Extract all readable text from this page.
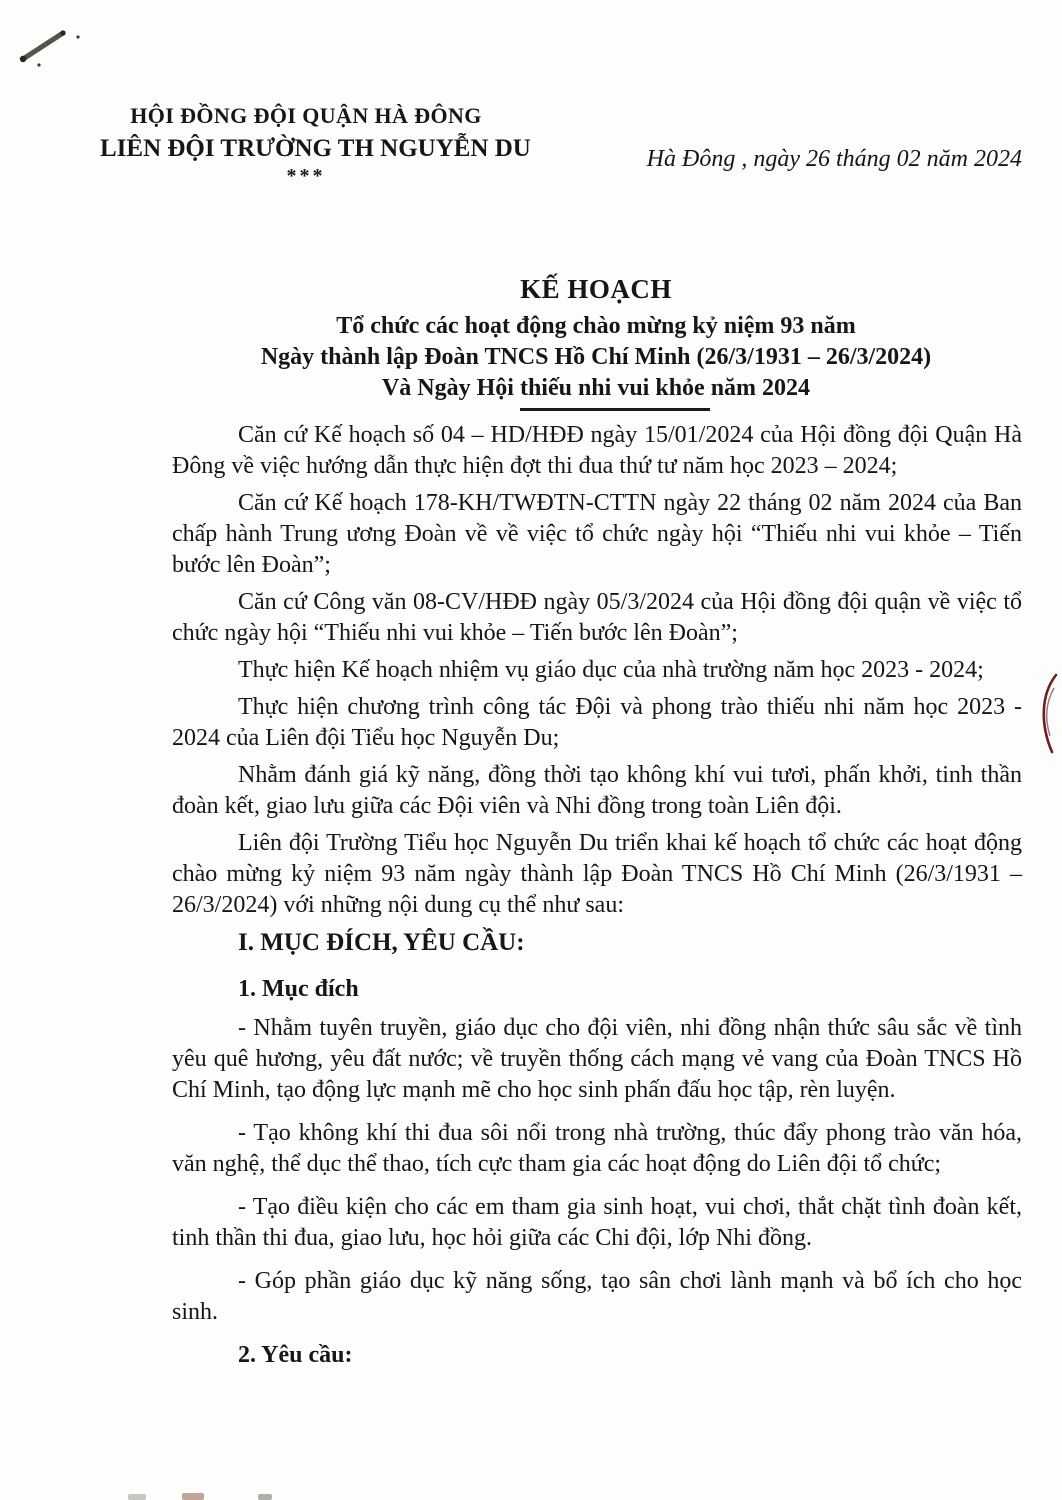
HỘI ĐỒNG ĐỘI QUẬN HÀ ĐÔNG
LIÊN ĐỘI TRƯỜNG TH NGUYỄN DU
***
Hà Đông , ngày 26 tháng 02 năm 2024
KẾ HOẠCH
Tổ chức các hoạt động chào mừng kỷ niệm 93 năm
Ngày thành lập Đoàn TNCS Hồ Chí Minh (26/3/1931 – 26/3/2024)
Và Ngày Hội thiếu nhi vui khỏe năm 2024

Căn cứ Kế hoạch số 04 – HD/HĐĐ ngày 15/01/2024 của Hội đồng đội Quận Hà Đông về việc hướng dẫn thực hiện đợt thi đua thứ tư năm học 2023 – 2024;

Căn cứ Kế hoạch 178-KH/TWĐTN-CTTN ngày 22 tháng 02 năm 2024 của Ban chấp hành Trung ương Đoàn về về việc tổ chức ngày hội “Thiếu nhi vui khỏe – Tiến bước lên Đoàn”;

Căn cứ Công văn 08-CV/HĐĐ ngày 05/3/2024 của Hội đồng đội quận về việc tổ chức ngày hội “Thiếu nhi vui khỏe – Tiến bước lên Đoàn”;

Thực hiện Kế hoạch nhiệm vụ giáo dục của nhà trường năm học 2023 - 2024;

Thực hiện chương trình công tác Đội và phong trào thiếu nhi năm học 2023 - 2024 của Liên đội Tiểu học Nguyễn Du;

Nhằm đánh giá kỹ năng, đồng thời tạo không khí vui tươi, phấn khởi, tinh thần đoàn kết, giao lưu giữa các Đội viên và Nhi đồng trong toàn Liên đội.

Liên đội Trường Tiểu học Nguyễn Du triển khai kế hoạch tổ chức các hoạt động chào mừng kỷ niệm 93 năm ngày thành lập Đoàn TNCS Hồ Chí Minh (26/3/1931 – 26/3/2024) với những nội dung cụ thể như sau:

I. MỤC ĐÍCH, YÊU CẦU:
1. Mục đích

- Nhằm tuyên truyền, giáo dục cho đội viên, nhi đồng nhận thức sâu sắc về tình yêu quê hương, yêu đất nước; về truyền thống cách mạng vẻ vang của Đoàn TNCS Hồ Chí Minh, tạo động lực mạnh mẽ cho học sinh phấn đấu học tập, rèn luyện.

- Tạo không khí thi đua sôi nổi trong nhà trường, thúc đẩy phong trào văn hóa, văn nghệ, thể dục thể thao, tích cực tham gia các hoạt động do Liên đội tổ chức;

- Tạo điều kiện cho các em tham gia sinh hoạt, vui chơi, thắt chặt tình đoàn kết, tinh thần thi đua, giao lưu, học hỏi giữa các Chi đội, lớp Nhi đồng.

- Góp phần giáo dục kỹ năng sống, tạo sân chơi lành mạnh và bổ ích cho học sinh.

2. Yêu cầu:
